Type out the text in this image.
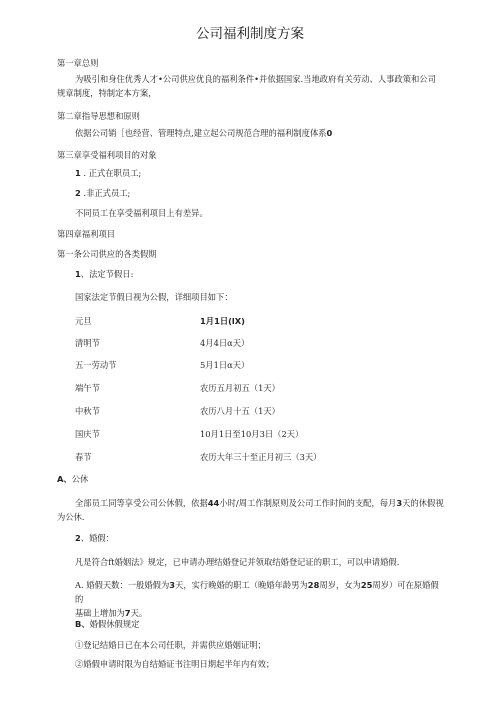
公司福利制度方案
第一章总则
为吸引和身住优秀人才•公司供应优良的福利条件•并依据国家.当地政府有关劳动、人事政策和公司规章制度，特制定本方案，
第二章指导思想和原则
依据公司销［也经营、管理特点,建立起公司规范合理的福利制度体系0
第三章享受福利项目的对象
1 . 正式在职员工;
2 .非正式员工;
不同员工在享受福利项目上有差异。
第四章福利项目
第一条公司供应的各类假期
1、法定节假日:
国家法定节假日视为公假，详细项目如下：
元旦	1月1日(lX)
清明节	4月4日α天）
五一劳动节	5月1日α天）
端午节	农历五月初五（1天）
中秋节	农历八月十五（1天）
国庆节	10月1日至10月3日（2天）
春节	农历大年三十至正月初三（3天）
A、公休
全部员工同等享受公司公休假，依据44小时/周工作制原则及公司工作时间的支配，每月3天的休假视为公休.
2、婚假：
凡是符合ft婚姻法》规定，已申请办理结婚登记并领取结婚登记证的职工，可以申请婚假.
A. 婚假天数：一般婚假为3天，实行晚婚的职工（晚婚年龄男为28周岁，女为25周岁）可在原婚假的
基础上增加为7天。
B、婚假休假规定
①登记结婚日已在本公司任职，并需供应婚姻证明；
②婚假申请时限为自结婚证书注明日期起半年内有效；
